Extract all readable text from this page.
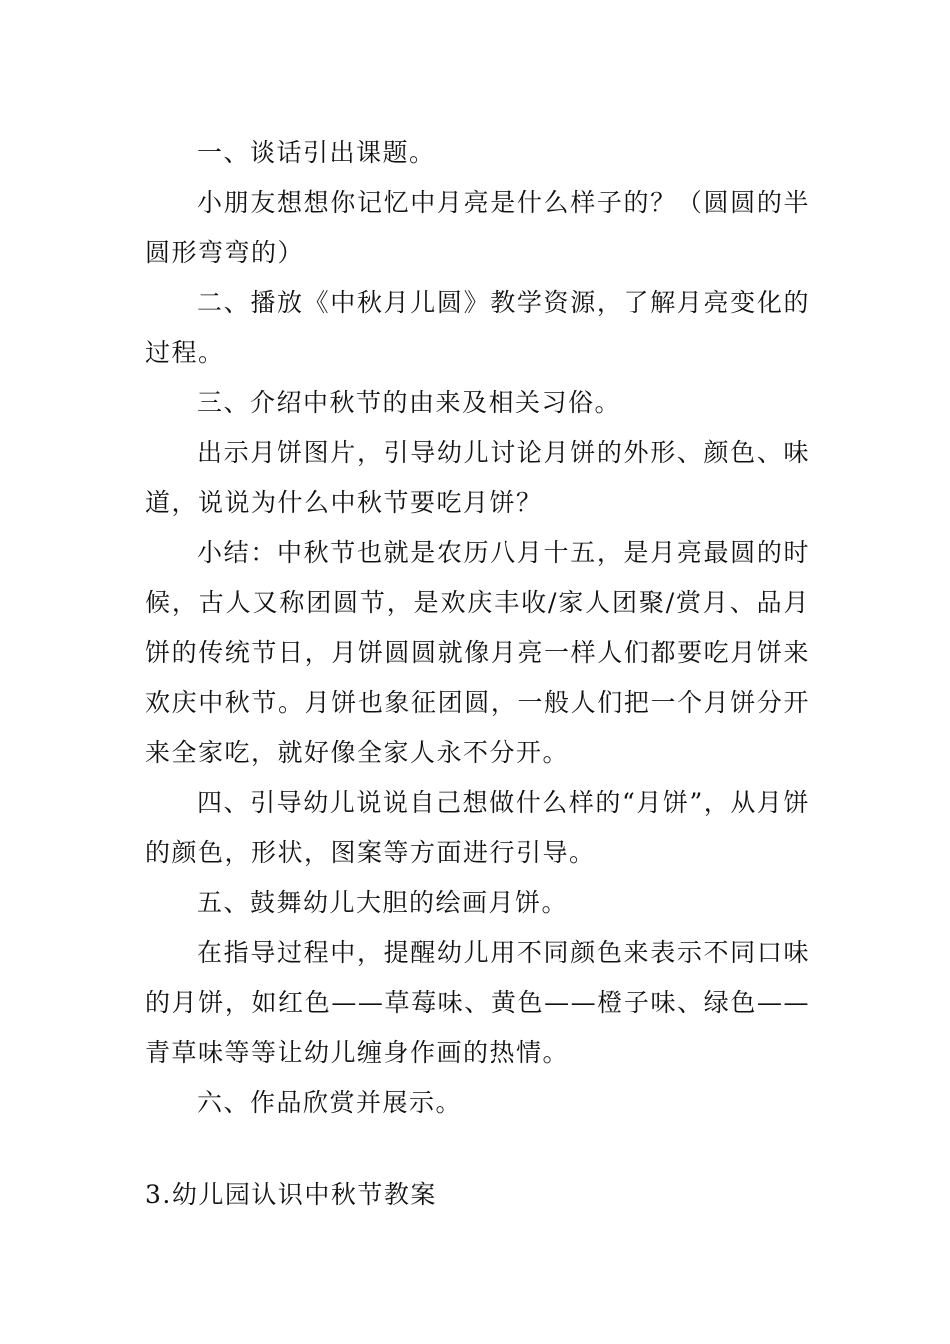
一、谈话引出课题。

小朋友想想你记忆中月亮是什么样子的？（圆圆的半圆形弯弯的）

二、播放《中秋月儿圆》教学资源，了解月亮变化的过程。

三、介绍中秋节的由来及相关习俗。

出示月饼图片，引导幼儿讨论月饼的外形、颜色、味道，说说为什么中秋节要吃月饼？

小结：中秋节也就是农历八月十五，是月亮最圆的时候，古人又称团圆节，是欢庆丰收/家人团聚/赏月、品月饼的传统节日，月饼圆圆就像月亮一样人们都要吃月饼来欢庆中秋节。月饼也象征团圆，一般人们把一个月饼分开来全家吃，就好像全家人永不分开。

四、引导幼儿说说自己想做什么样的“月饼”，从月饼的颜色，形状，图案等方面进行引导。

五、鼓舞幼儿大胆的绘画月饼。

在指导过程中，提醒幼儿用不同颜色来表示不同口味的月饼，如红色——草莓味、黄色——橙子味、绿色——青草味等等让幼儿缠身作画的热情。

六、作品欣赏并展示。

3.幼儿园认识中秋节教案
